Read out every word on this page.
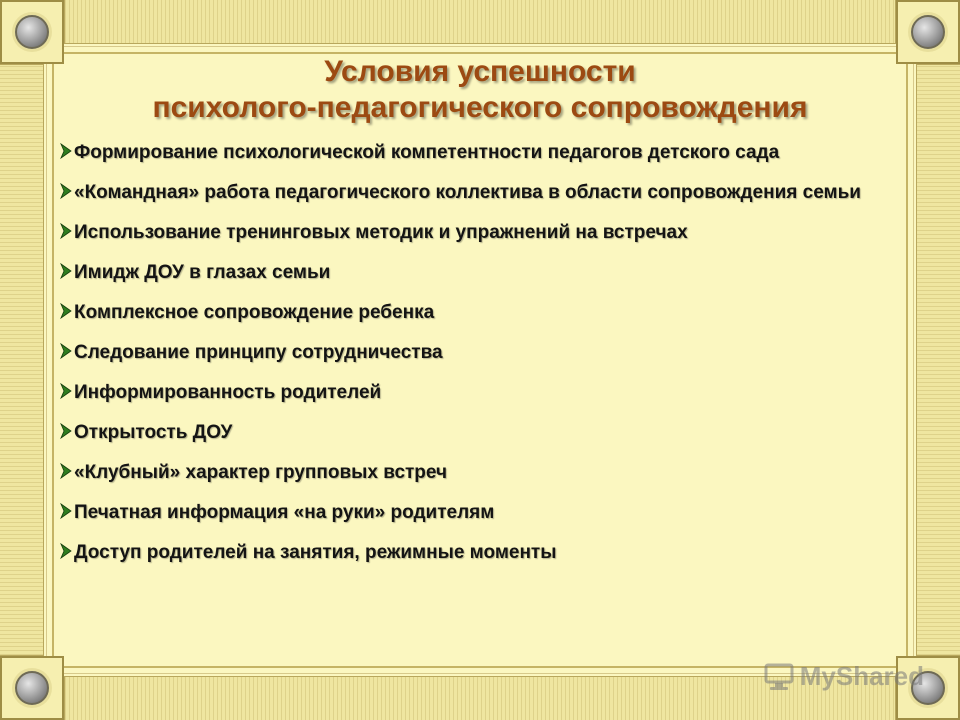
Условия успешности
психолого-педагогического сопровождения
Формирование психологической компетентности педагогов детского сада
«Командная» работа педагогического коллектива в области сопровождения семьи
Использование тренинговых методик и упражнений на встречах
Имидж ДОУ в глазах семьи
Комплексное сопровождение ребенка
Следование принципу сотрудничества
Информированность родителей
Открытость ДОУ
«Клубный» характер групповых встреч
Печатная информация «на руки» родителям
Доступ родителей на занятия, режимные моменты
MyShared
